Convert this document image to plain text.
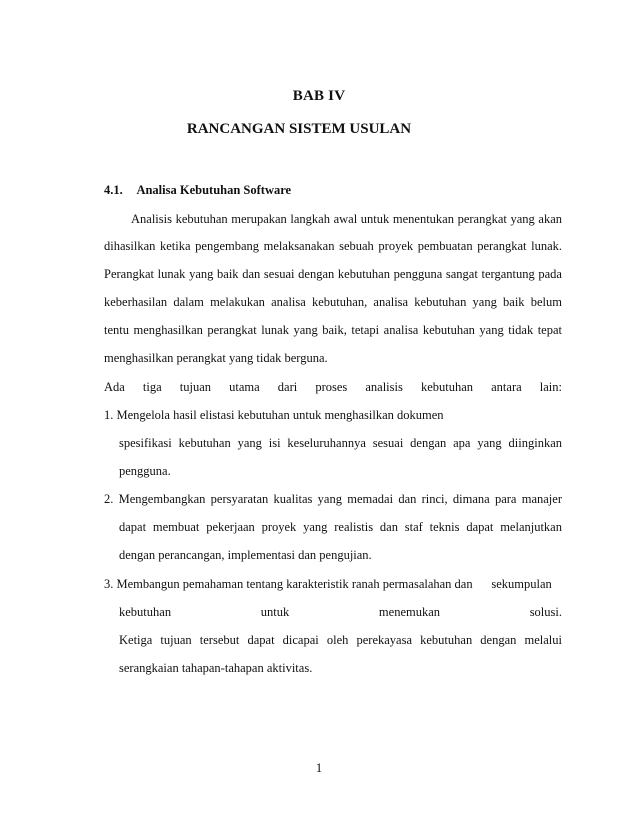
BAB IV
RANCANGAN SISTEM USULAN
4.1. Analisa Kebutuhan Software
Analisis kebutuhan merupakan langkah awal untuk menentukan perangkat yang akan
dihasilkan ketika pengembang melaksanakan sebuah proyek pembuatan perangkat lunak.
Perangkat lunak yang baik dan sesuai dengan kebutuhan pengguna sangat tergantung pada
keberhasilan dalam melakukan analisa kebutuhan, analisa kebutuhan yang baik belum
tentu menghasilkan perangkat lunak yang baik, tetapi analisa kebutuhan yang tidak tepat
menghasilkan perangkat yang tidak berguna.
Ada tiga tujuan utama dari proses analisis kebutuhan antara lain:
1. Mengelola hasil elistasi kebutuhan untuk menghasilkan dokumen
spesifikasi kebutuhan yang isi keseluruhannya sesuai dengan apa yang diinginkan
pengguna.
2. Mengembangkan persyaratan kualitas yang memadai dan rinci, dimana para manajer
dapat membuat pekerjaan proyek yang realistis dan staf teknis dapat melanjutkan
dengan perancangan, implementasi dan pengujian.
3. Membangun pemahaman tentang karakteristik ranah permasalahan dan      sekumpulan
kebutuhan untuk menemukan solusi.
Ketiga tujuan tersebut dapat dicapai oleh perekayasa kebutuhan dengan melalui
serangkaian tahapan-tahapan aktivitas.
1
